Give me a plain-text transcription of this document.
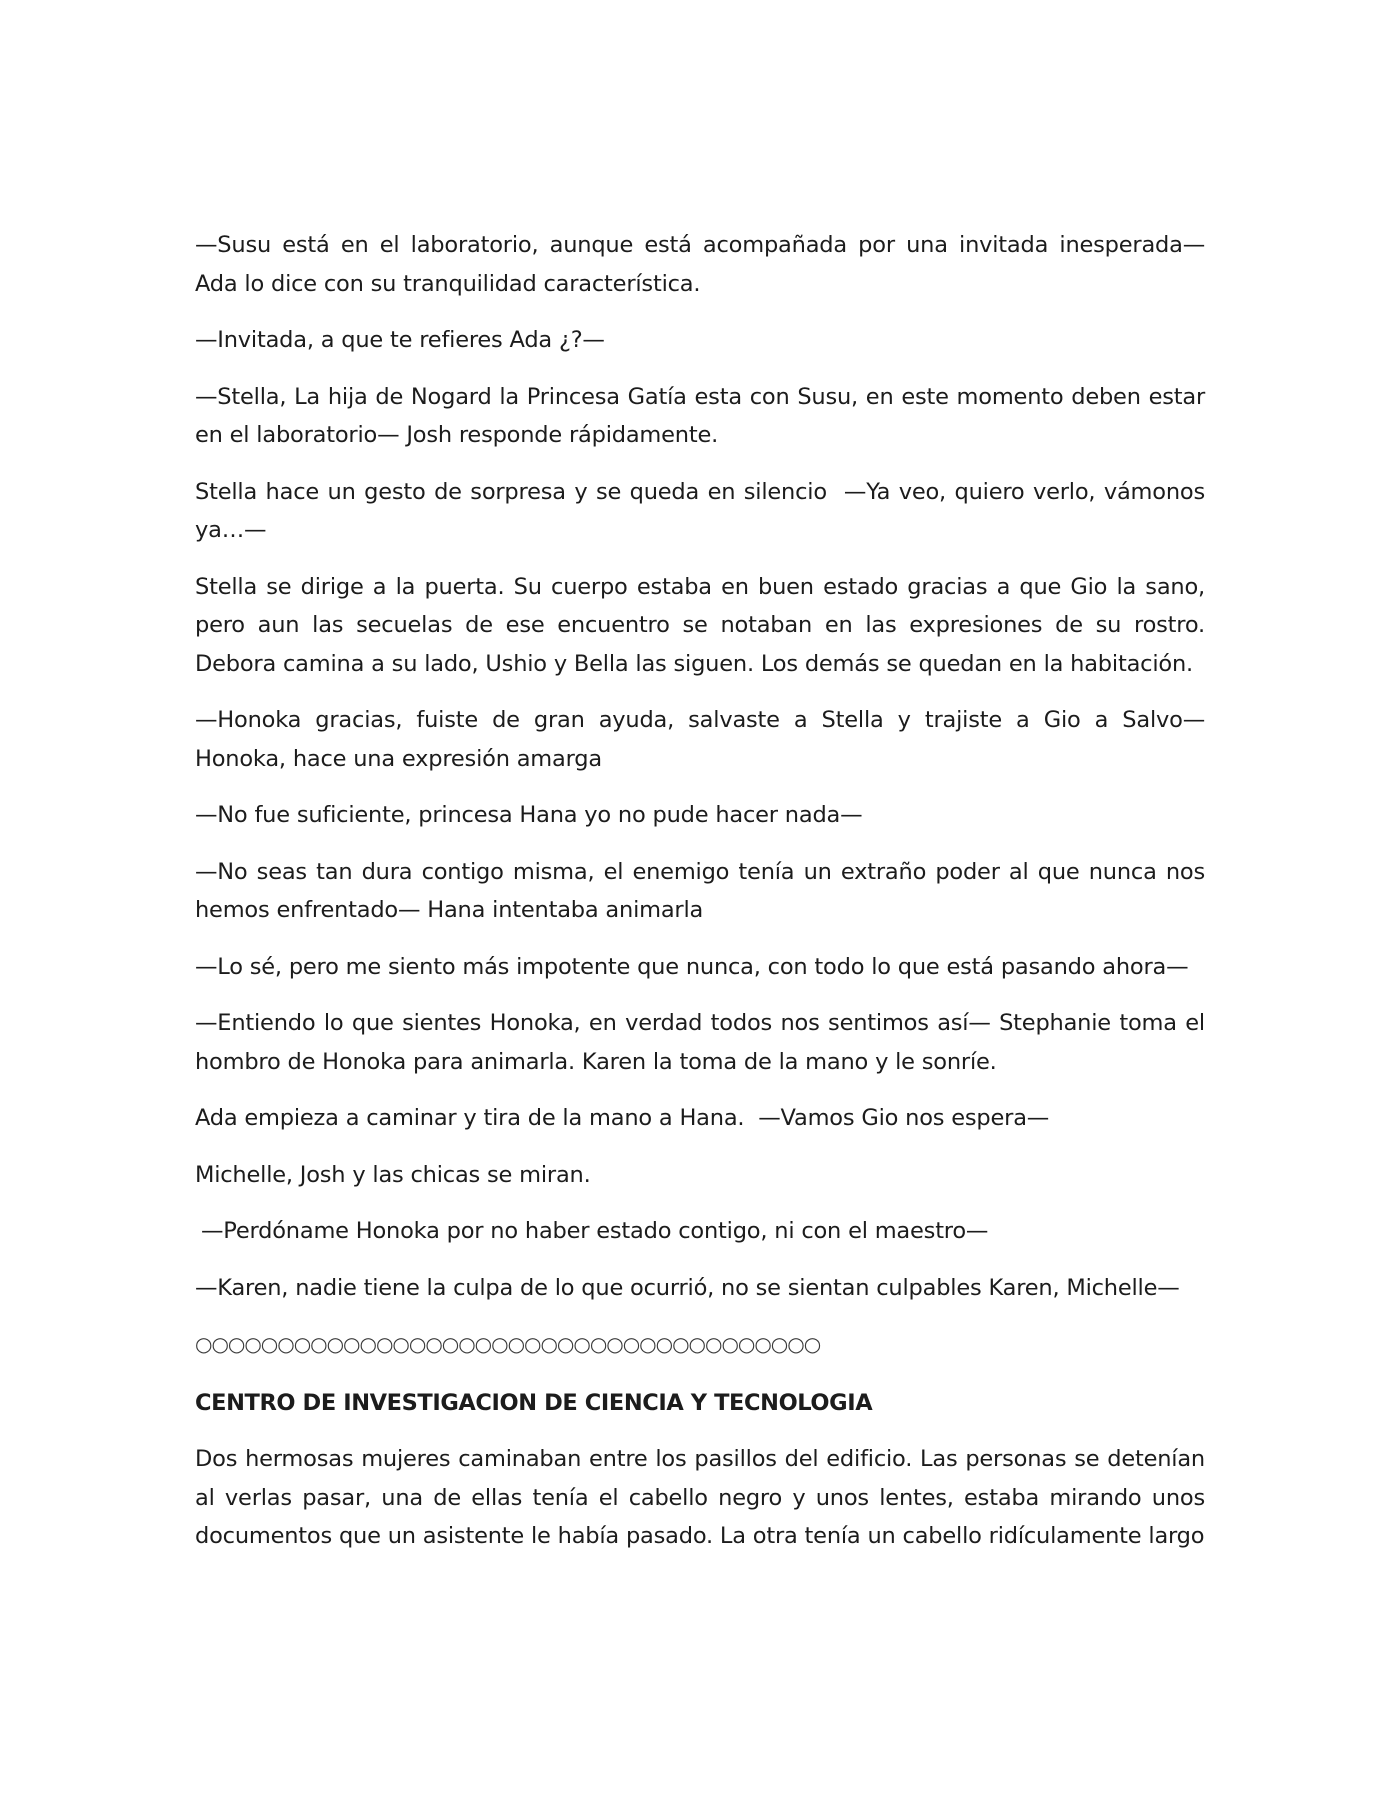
—Susu está en el laboratorio, aunque está acompañada por una invitada inesperada— Ada lo dice con su tranquilidad característica.

—Invitada, a que te refieres Ada ¿?—

—Stella, La hija de Nogard la Princesa Gatía esta con Susu, en este momento deben estar en el laboratorio— Josh responde rápidamente.

Stella hace un gesto de sorpresa y se queda en silencio  —Ya veo, quiero verlo, vámonos ya…—

Stella se dirige a la puerta. Su cuerpo estaba en buen estado gracias a que Gio la sano, pero aun las secuelas de ese encuentro se notaban en las expresiones de su rostro. Debora camina a su lado, Ushio y Bella las siguen. Los demás se quedan en la habitación.

—Honoka gracias, fuiste de gran ayuda, salvaste a Stella y trajiste a Gio a Salvo—  Honoka, hace una expresión amarga

—No fue suficiente, princesa Hana yo no pude hacer nada—

—No seas tan dura contigo misma, el enemigo tenía un extraño poder al que nunca nos hemos enfrentado— Hana intentaba animarla

—Lo sé, pero me siento más impotente que nunca, con todo lo que está pasando ahora—

—Entiendo lo que sientes Honoka, en verdad todos nos sentimos así— Stephanie toma el hombro de Honoka para animarla. Karen la toma de la mano y le sonríe.

Ada empieza a caminar y tira de la mano a Hana.  —Vamos Gio nos espera—

Michelle, Josh y las chicas se miran.

—Perdóname Honoka por no haber estado contigo, ni con el maestro—

—Karen, nadie tiene la culpa de lo que ocurrió, no se sientan culpables Karen, Michelle—

○○○○○○○○○○○○○○○○○○○○○○○○○○○○○○○○○○○○○○

CENTRO DE INVESTIGACION DE CIENCIA Y TECNOLOGIA

Dos hermosas mujeres caminaban entre los pasillos del edificio. Las personas se detenían al verlas pasar, una de ellas tenía el cabello negro y unos lentes, estaba mirando unos documentos que un asistente le había pasado. La otra tenía un cabello ridículamente largo
